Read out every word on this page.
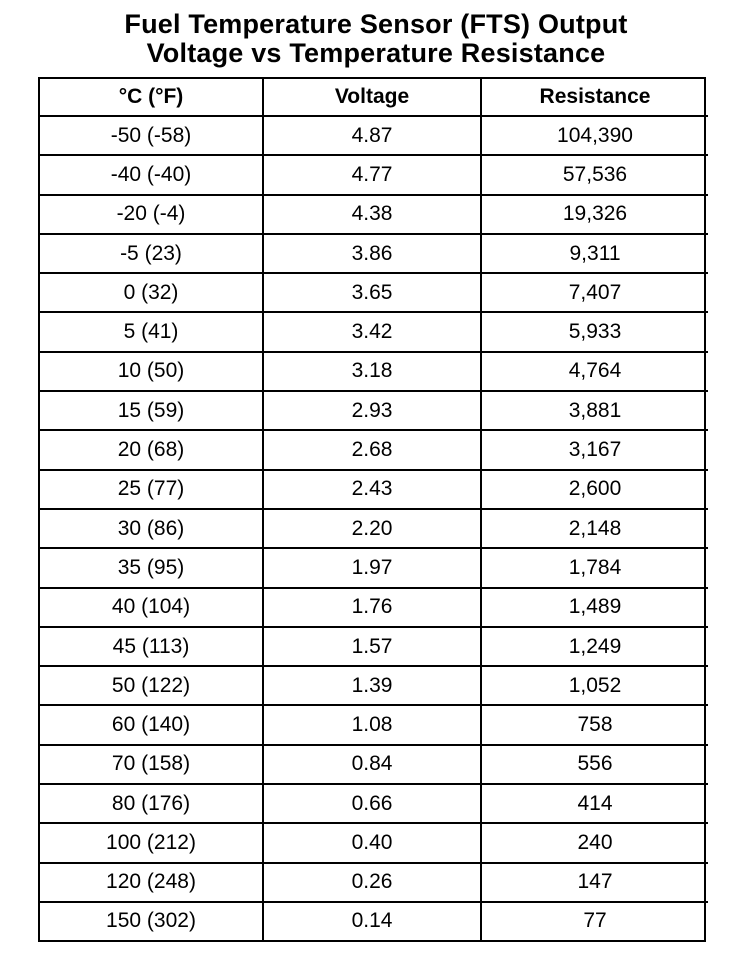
Fuel Temperature Sensor (FTS) Output
Voltage vs Temperature Resistance
°C (°F)	Voltage	Resistance
-50 (-58)	4.87	104,390
-40 (-40)	4.77	57,536
-20 (-4)	4.38	19,326
-5 (23)	3.86	9,311
0 (32)	3.65	7,407
5 (41)	3.42	5,933
10 (50)	3.18	4,764
15 (59)	2.93	3,881
20 (68)	2.68	3,167
25 (77)	2.43	2,600
30 (86)	2.20	2,148
35 (95)	1.97	1,784
40 (104)	1.76	1,489
45 (113)	1.57	1,249
50 (122)	1.39	1,052
60 (140)	1.08	758
70 (158)	0.84	556
80 (176)	0.66	414
100 (212)	0.40	240
120 (248)	0.26	147
150 (302)	0.14	77
